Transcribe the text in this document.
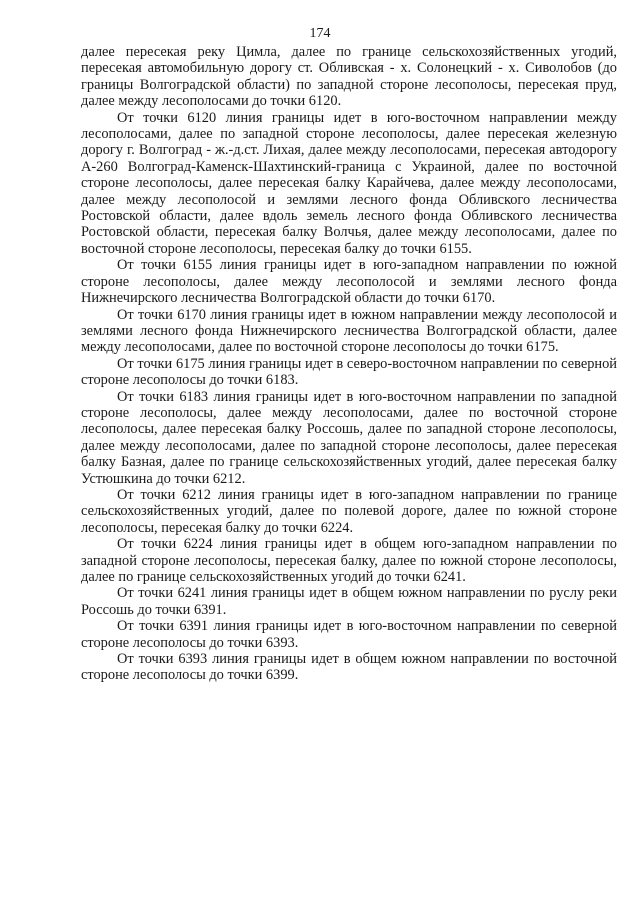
174

далее пересекая реку Цимла, далее по границе сельскохозяйственных угодий, пересекая автомобильную дорогу ст. Обливская - х. Солонецкий - х. Сиволобов (до границы Волгоградской области) по западной стороне лесополосы, пересекая пруд, далее между лесополосами до точки 6120.

От точки 6120 линия границы идет в юго-восточном направлении между лесополосами, далее по западной стороне лесополосы, далее пересекая железную дорогу г. Волгоград - ж.-д.ст. Лихая, далее между лесополосами, пересекая автодорогу А-260 Волгоград-Каменск-Шахтинский-граница с Украиной, далее по восточной стороне лесополосы, далее пересекая балку Карайчева, далее между лесополосами, далее между лесополосой и землями лесного фонда Обливского лесничества Ростовской области, далее вдоль земель лесного фонда Обливского лесничества Ростовской области, пересекая балку Волчья, далее между лесополосами, далее по восточной стороне лесополосы, пересекая балку до точки 6155.

От точки 6155 линия границы идет в юго-западном направлении по южной стороне лесополосы, далее между лесополосой и землями лесного фонда Нижнечирского лесничества Волгоградской области до точки 6170.

От точки 6170 линия границы идет в южном направлении между лесополосой и землями лесного фонда Нижнечирского лесничества Волгоградской области, далее между лесополосами, далее по восточной стороне лесополосы до точки 6175.

От точки 6175 линия границы идет в северо-восточном направлении по северной стороне лесополосы до точки 6183.

От точки 6183 линия границы идет в юго-восточном направлении по западной стороне лесополосы, далее между лесополосами, далее по восточной стороне лесополосы, далее пересекая балку Россошь, далее по западной стороне лесополосы, далее между лесополосами, далее по западной стороне лесополосы, далее пересекая балку Базная, далее по границе сельскохозяйственных угодий, далее пересекая балку Устюшкина до точки 6212.

От точки 6212 линия границы идет в юго-западном направлении по границе сельскохозяйственных угодий, далее по полевой дороге, далее по южной стороне лесополосы, пересекая балку до точки 6224.

От точки 6224 линия границы идет в общем юго-западном направлении по западной стороне лесополосы, пересекая балку, далее по южной стороне лесополосы, далее по границе сельскохозяйственных угодий до точки 6241.

От точки 6241 линия границы идет в общем южном направлении по руслу реки Россошь до точки 6391.

От точки 6391 линия границы идет в юго-восточном направлении по северной стороне лесополосы до точки 6393.

От точки 6393 линия границы идет в общем южном направлении по восточной стороне лесополосы до точки 6399.
